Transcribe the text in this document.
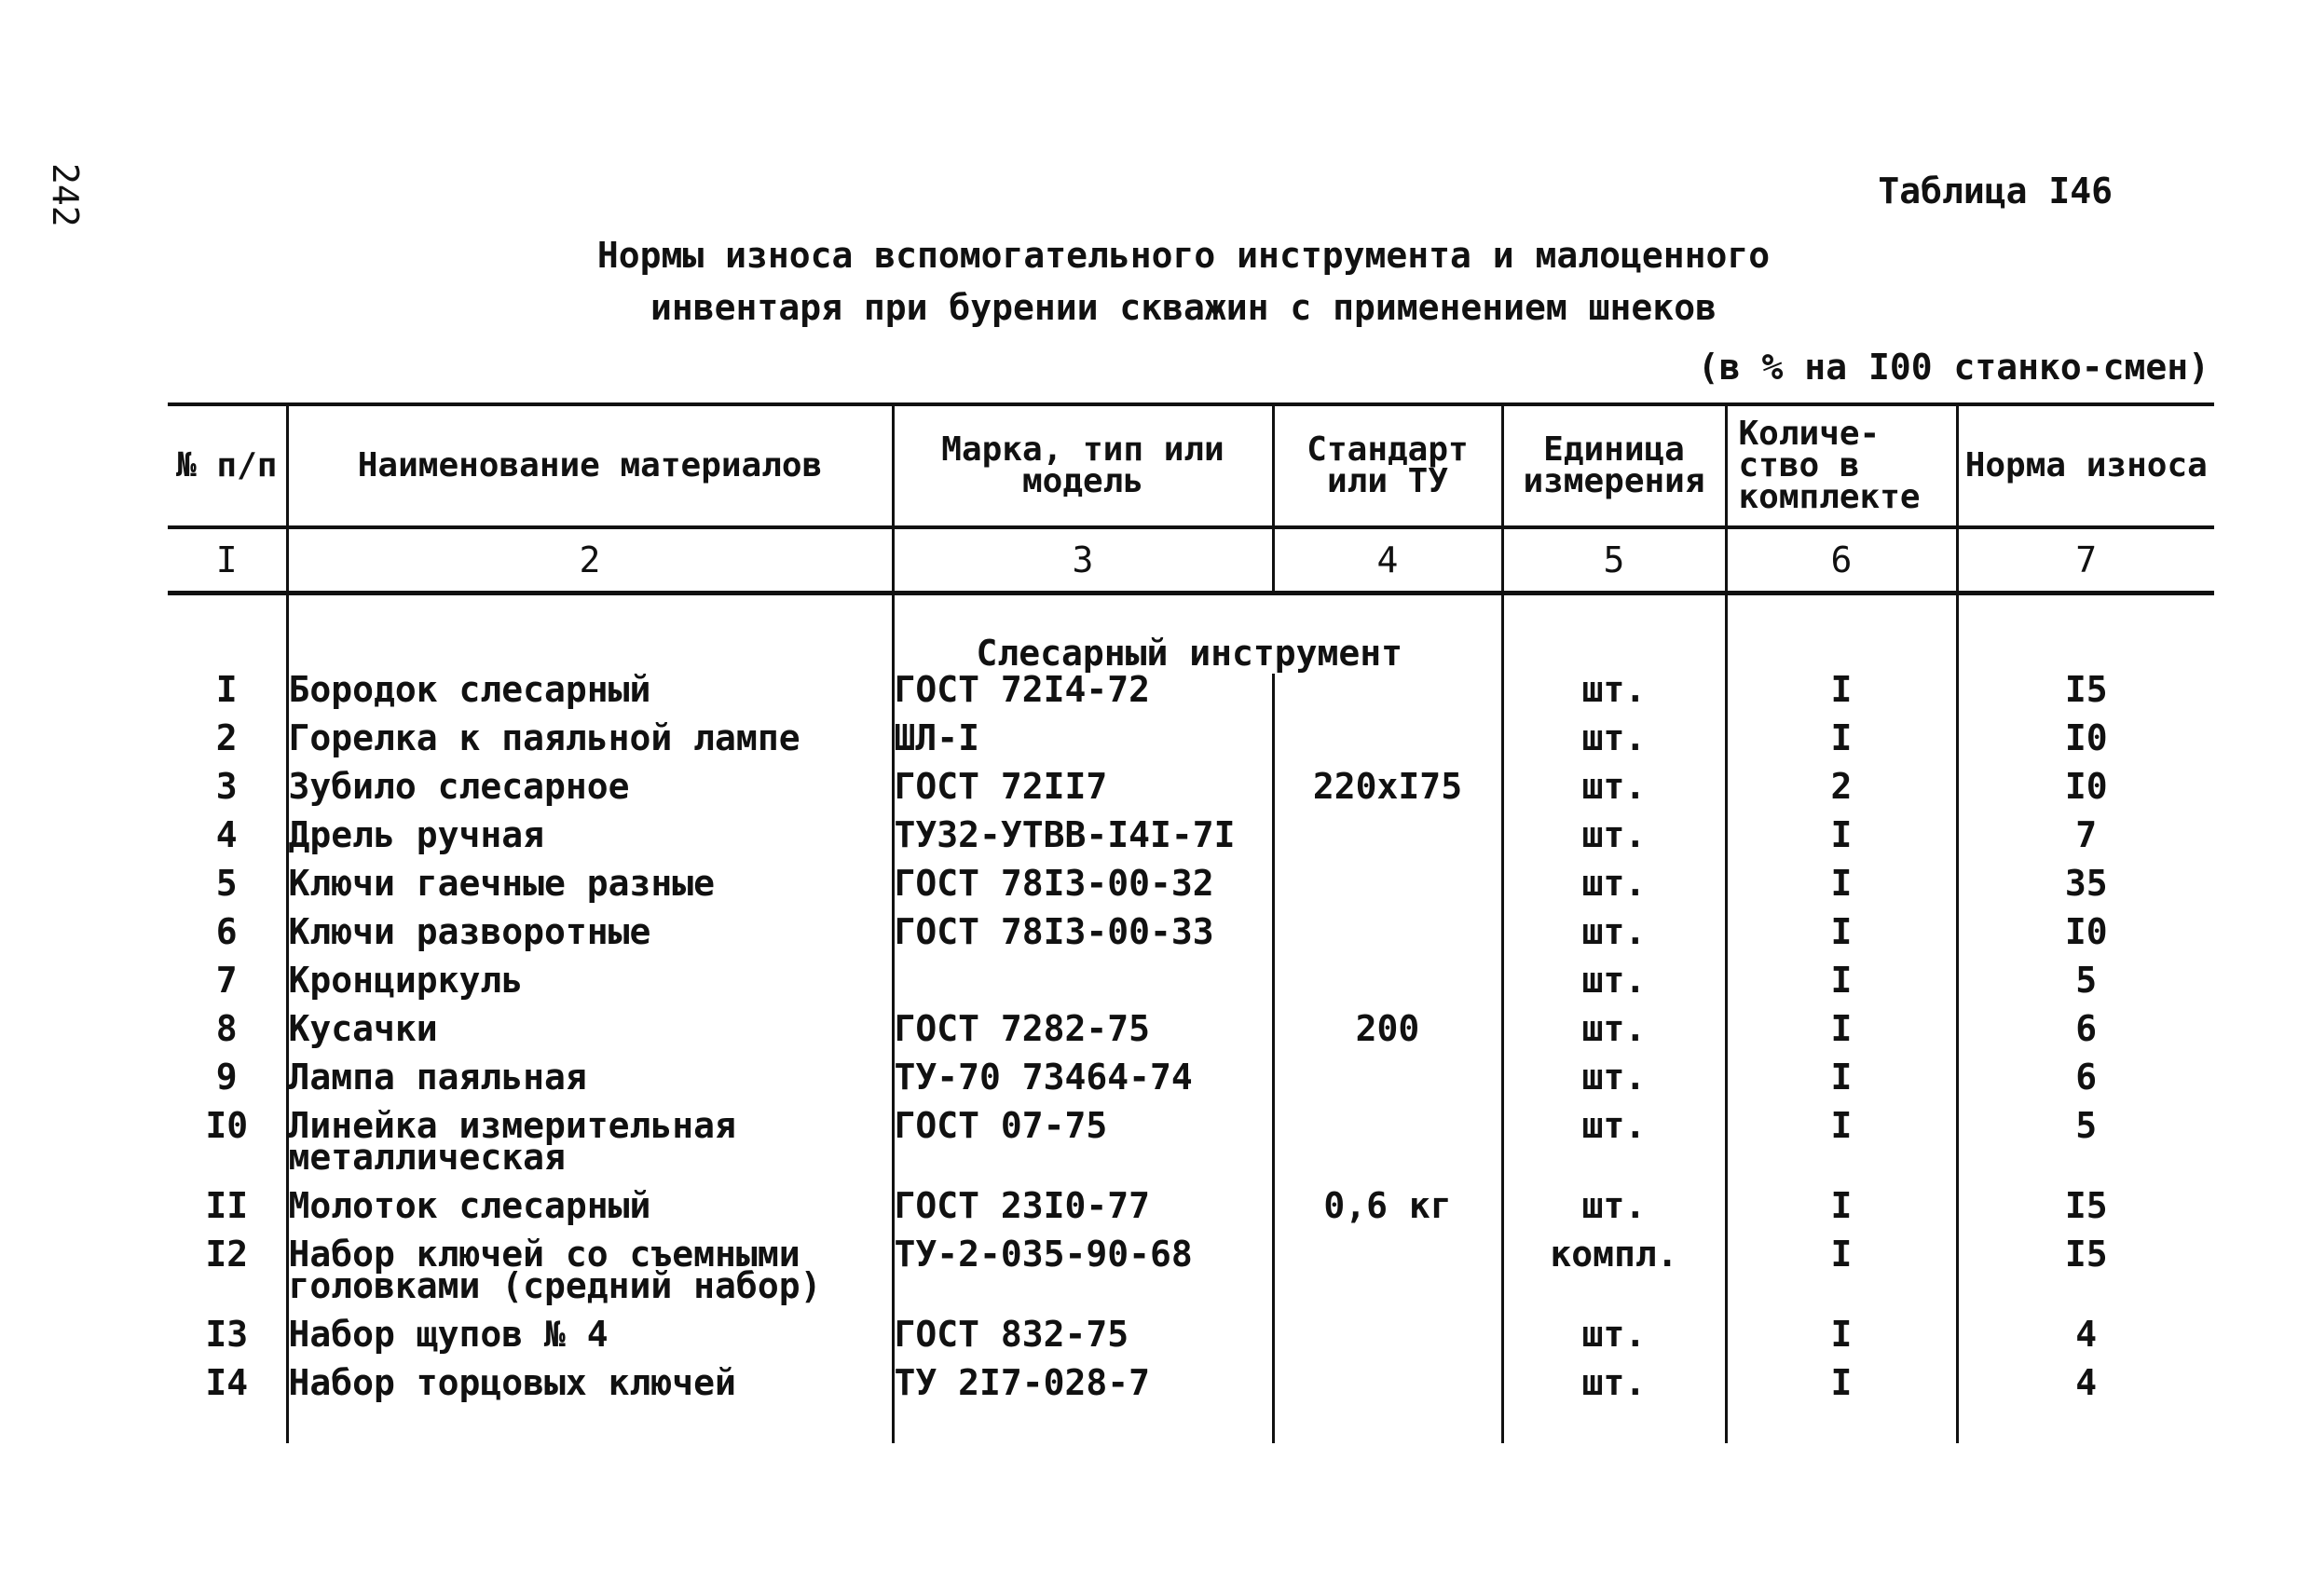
242	Таблица I46
Нормы износа вспомогательного инструмента и малоценного
инвентаря при бурении скважин с применением шнеков
(в % на I00 станко-смен)
№ п/п	Наименование материалов	Марка, тип или модель	Стандарт или ТУ	Единица измерения	Количе-ство в комплекте	Норма износа
I	2	3	4	5	6	7
		Слесарный инструмент				
I	Бородок слесарный	ГОСТ 72I4-72		шт.	I	I5
2	Горелка к паяльной лампе	ШЛ-I		шт.	I	I0
3	Зубило слесарное	ГОСТ 72II7	220хI75	шт.	2	I0
4	Дрель ручная	ТУ32-УТВВ-I4I-7I		шт.	I	7
5	Ключи гаечные разные	ГОСТ 78I3-00-32		шт.	I	35
6	Ключи разворотные	ГОСТ 78I3-00-33		шт.	I	I0
7	Кронциркуль			шт.	I	5
8	Кусачки	ГОСТ 7282-75	200	шт.	I	6
9	Лампа паяльная	ТУ-70 73464-74		шт.	I	6
I0	Линейка измерительная металлическая	ГОСТ 07-75		шт.	I	5
II	Молоток слесарный	ГОСТ 23I0-77	0,6 кг	шт.	I	I5
I2	Набор ключей со съемными головками (средний набор)	ТУ-2-035-90-68		компл.	I	I5
I3	Набор щупов № 4	ГОСТ 832-75		шт.	I	4
I4	Набор торцовых ключей	ТУ 2I7-028-7		шт.	I	4
